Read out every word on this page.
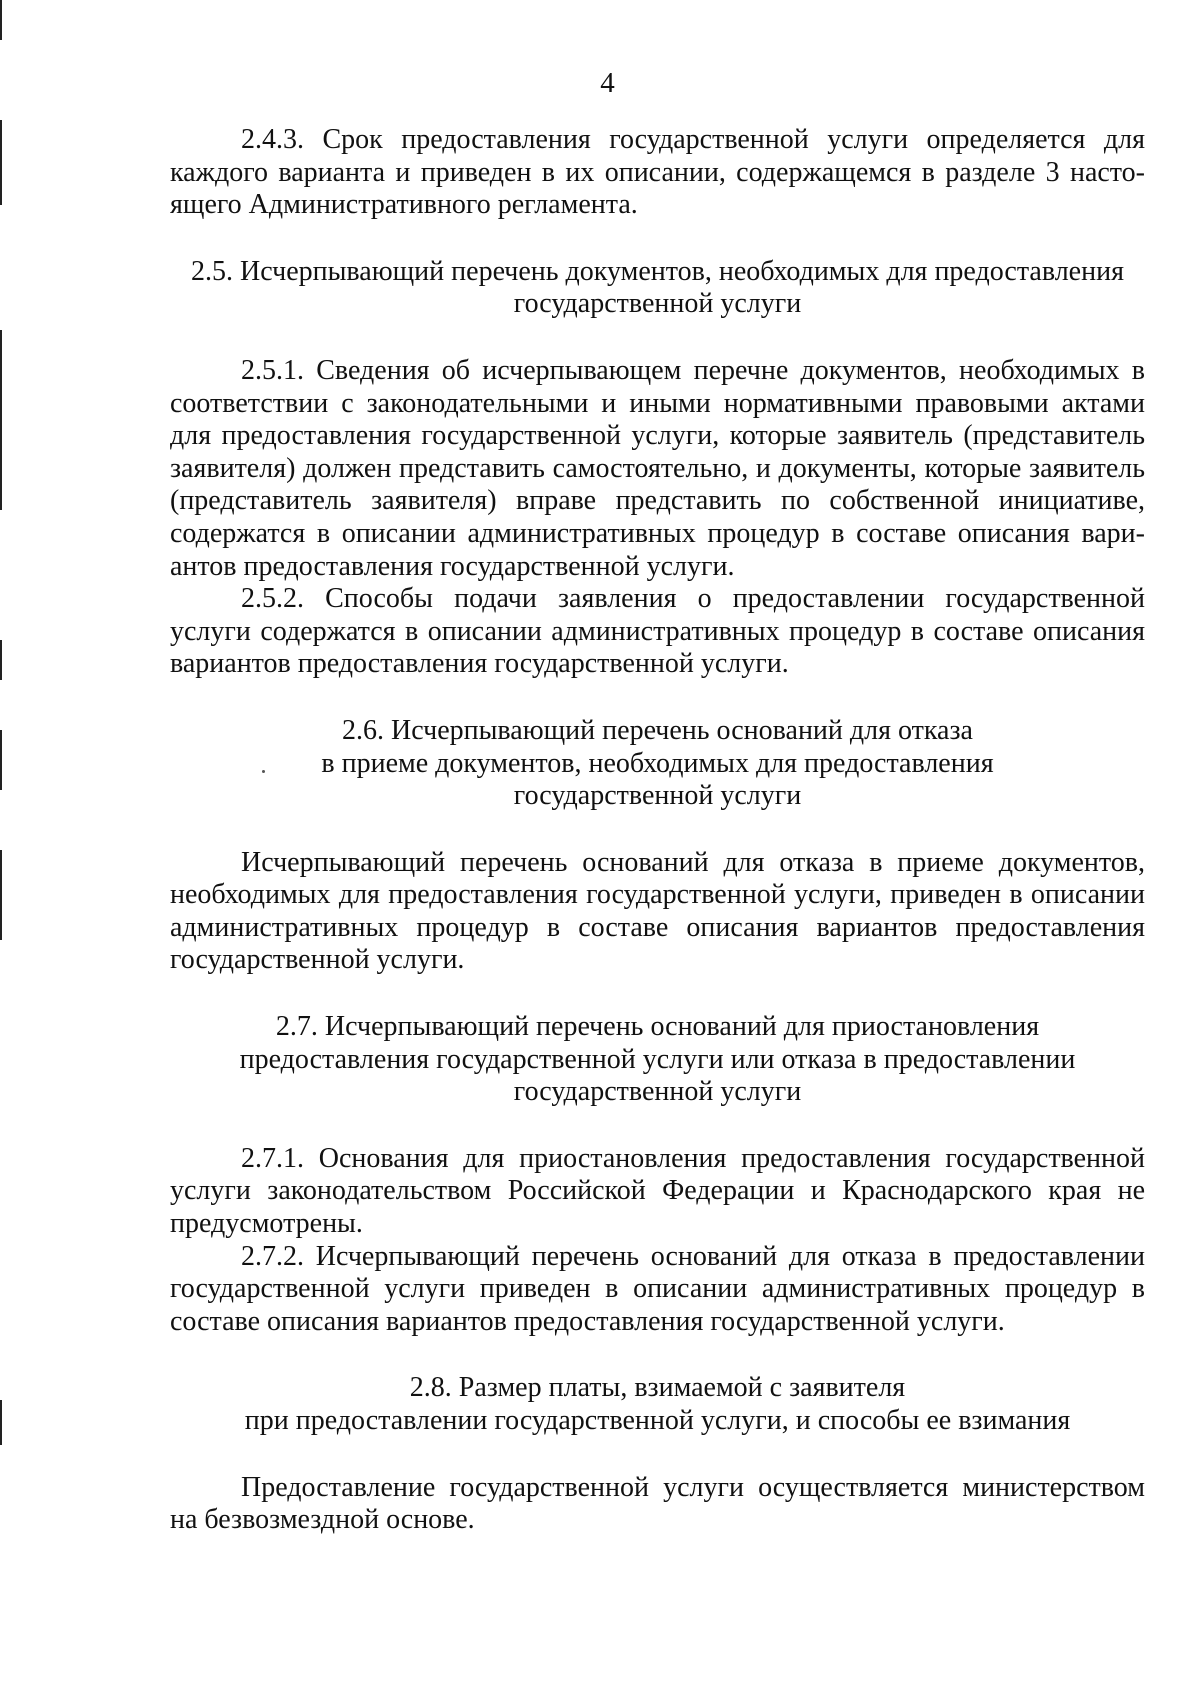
4

2.4.3. Срок предоставления государственной услуги определяется для каждого варианта и приведен в их описании, содержащемся в разделе 3 настоящего Административного регламента.

2.5. Исчерпывающий перечень документов, необходимых для предоставления
государственной услуги

2.5.1. Сведения об исчерпывающем перечне документов, необходимых в соответствии с законодательными и иными нормативными правовыми актами для предоставления государственной услуги, которые заявитель (представитель заявителя) должен представить самостоятельно, и документы, которые заявитель (представитель заявителя) вправе представить по собственной инициативе, содержатся в описании административных процедур в составе описания вариантов предоставления государственной услуги.

2.5.2. Способы подачи заявления о предоставлении государственной услуги содержатся в описании административных процедур в составе описания вариантов предоставления государственной услуги.

2.6. Исчерпывающий перечень оснований для отказа
в приеме документов, необходимых для предоставления
государственной услуги

Исчерпывающий перечень оснований для отказа в приеме документов, необходимых для предоставления государственной услуги, приведен в описании административных процедур в составе описания вариантов предоставления государственной услуги.

2.7. Исчерпывающий перечень оснований для приостановления
предоставления государственной услуги или отказа в предоставлении
государственной услуги

2.7.1. Основания для приостановления предоставления государственной услуги законодательством Российской Федерации и Краснодарского края не предусмотрены.

2.7.2. Исчерпывающий перечень оснований для отказа в предоставлении государственной услуги приведен в описании административных процедур в составе описания вариантов предоставления государственной услуги.

2.8. Размер платы, взимаемой с заявителя
при предоставлении государственной услуги, и способы ее взимания

Предоставление государственной услуги осуществляется министерством на безвозмездной основе.
